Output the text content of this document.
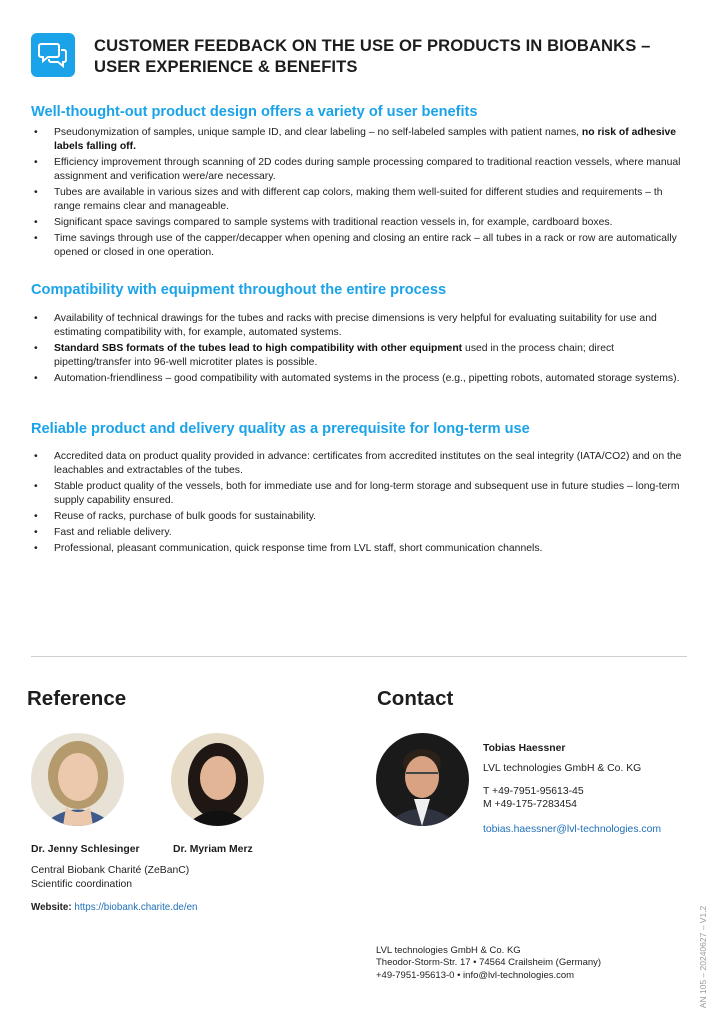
CUSTOMER FEEDBACK ON THE USE OF PRODUCTS IN BIOBANKS – USER EXPERIENCE & BENEFITS
Well-thought-out product design offers a variety of user benefits
• Pseudonymization of samples, unique sample ID, and clear labeling – no self-labeled samples with patient names, no risk of adhesive labels falling off.
• Efficiency improvement through scanning of 2D codes during sample processing compared to traditional reaction vessels, where manual assignment and verification were/are necessary.
• Tubes are available in various sizes and with different cap colors, making them well-suited for different studies and requirements – th range remains clear and manageable.
• Significant space savings compared to sample systems with traditional reaction vessels in, for example, cardboard boxes.
• Time savings through use of the capper/decapper when opening and closing an entire rack – all tubes in a rack or row are automatically opened or closed in one operation.
Compatibility with equipment throughout the entire process
• Availability of technical drawings for the tubes and racks with precise dimensions is very helpful for evaluating suitability for use and estimating compatibility with, for example, automated systems.
• Standard SBS formats of the tubes lead to high compatibility with other equipment used in the process chain; direct pipetting/transfer into 96-well microtiter plates is possible.
• Automation-friendliness – good compatibility with automated systems in the process (e.g., pipetting robots, automated storage systems).
Reliable product and delivery quality as a prerequisite for long-term use
• Accredited data on product quality provided in advance: certificates from accredited institutes on the seal integrity (IATA/CO2) and on the leachables and extractables of the tubes.
• Stable product quality of the vessels, both for immediate use and for long-term storage and subsequent use in future studies – long-term supply capability ensured.
• Reuse of racks, purchase of bulk goods for sustainability.
• Fast and reliable delivery.
• Professional, pleasant communication, quick response time from LVL staff, short communication channels.
Reference
Dr. Jenny Schlesinger	Dr. Myriam Merz
Central Biobank Charité (ZeBanC)
Scientific coordination
Website: https://biobank.charite.de/en
Contact
Tobias Haessner
LVL technologies GmbH & Co. KG
T +49-7951-95613-45
M +49-175-7283454
tobias.haessner@lvl-technologies.com
LVL technologies GmbH & Co. KG
Theodor-Storm-Str. 17 • 74564 Crailsheim (Germany)
+49-7951-95613-0 • info@lvl-technologies.com	AN 105 – 20240627 – V1.2
